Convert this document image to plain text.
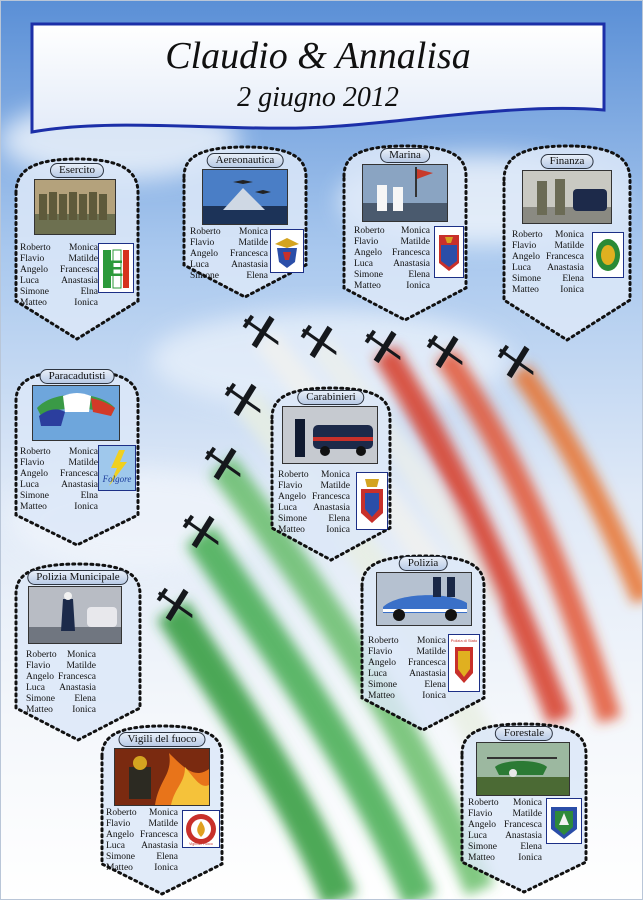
Claudio & Annalisa
2 giugno 2012
Esercito
Roberto	Monica
Flavio	Matilde
Angelo	Francesca
Luca	Anastasia
Simone	Elna
Matteo	Ionica
E
Aereonautica
Roberto	Monica
Flavio	Matilde
Angelo	Francesca
Luca	Anastasia
Simone	Elena
Marina
Roberto	Monica
Flavio	Matilde
Angelo	Francesca
Luca	Anastasia
Simone	Elena
Matteo	Ionica
Finanza
Roberto	Monica
Flavio	Matilde
Angelo Francesca
Luca	Anastasia
Simone	Elena
Matteo	Ionica
Paracadutisti
Roberto	Monica
Flavio	Matilde
Angelo	Francesca
Luca	Anastasia
Simone	Elna
Matteo	Ionica
Folgore
Carabinieri
Roberto	Monica
Flavio	Matilde
Angelo Francesca
Luca	Anastasia
Simone	Elena
Matteo	Ionica
Polizia Municipale
Roberto	Monica
Flavio	Matilde
Angelo Francesca
Luca	Anastasia
Simone	Elena
Matteo	Ionica
Polizia
Roberto	Monica
Flavio	Matilde
Angelo	Francesca
Luca	Anastasia
Simone	Elena
Matteo	Ionica
Polizia di Stato
Vigili del fuoco
Roberto	Monica
Flavio	Matilde
Angelo Francesca
Luca	Anastasia
Simone	Elena
Matteo	Ionica
Vigili del Fuoco
Forestale
Roberto	Monica
Flavio	Matilde
Angelo Francesca
Luca	Anastasia
Simone	Elena
Matteo	Ionica
